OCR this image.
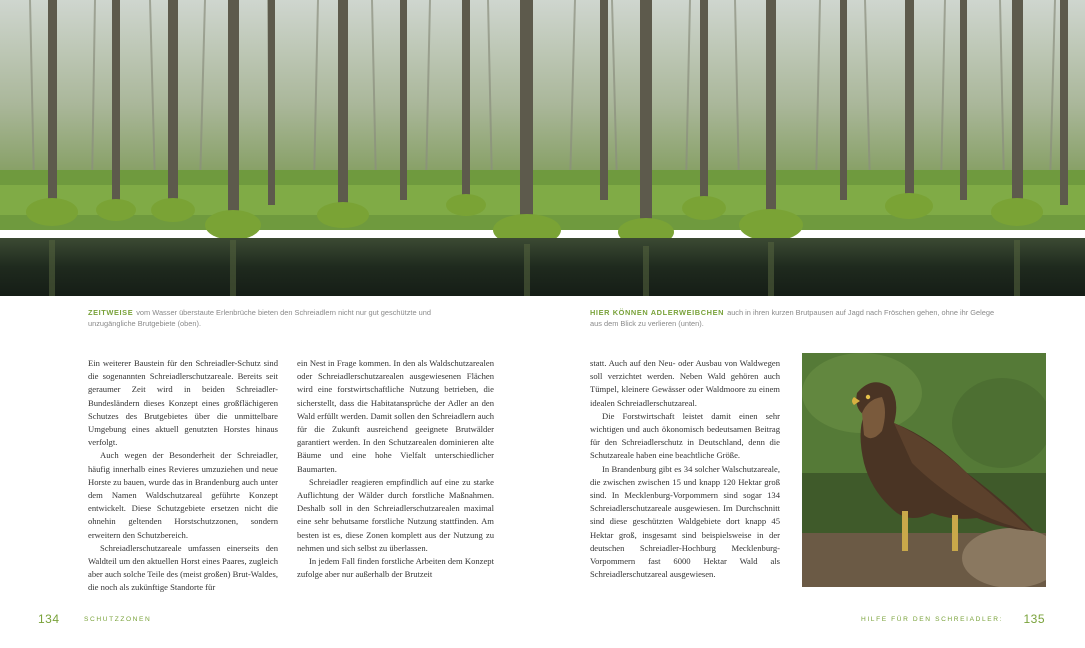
ZEITWEISE vom Wasser überstaute Erlenbrüche bieten den Schreiadlern nicht nur gut geschützte und unzugängliche Brutgebiete (oben).
HIER KÖNNEN ADLERWEIBCHEN auch in ihren kurzen Brutpausen auf Jagd nach Fröschen gehen, ohne ihr Gelege aus dem Blick zu verlieren (unten).

Ein weiterer Baustein für den Schreiadler-Schutz sind die sogenannten Schreiadlerschutzareale. Bereits seit geraumer Zeit wird in beiden Schreiadler-Bundesländern dieses Konzept eines großflächigeren Schutzes des Brutgebietes über die unmittelbare Umgebung eines aktuell genutzten Horstes hinaus verfolgt.

Auch wegen der Besonderheit der Schreiadler, häufig innerhalb eines Revieres umzuziehen und neue Horste zu bauen, wurde das in Brandenburg auch unter dem Namen Waldschutzareal geführte Konzept entwickelt. Diese Schutzgebiete ersetzen nicht die ohnehin geltenden Horstschutzzonen, sondern erweitern den Schutzbereich.

Schreiadlerschutzareale umfassen einerseits den Waldteil um den aktuellen Horst eines Paares, zugleich aber auch solche Teile des (meist großen) Brut-Waldes, die noch als zukünftige Standorte für

ein Nest in Frage kommen. In den als Waldschutzarealen oder Schreiadlerschutzarealen ausgewiesenen Flächen wird eine forstwirtschaftliche Nutzung betrieben, die sicherstellt, dass die Habitatansprüche der Adler an den Wald erfüllt werden. Damit sollen den Schreiadlern auch für die Zukunft ausreichend geeignete Brutwälder garantiert werden. In den Schutzarealen dominieren alte Bäume und eine hohe Vielfalt unterschiedlicher Baumarten.

Schreiadler reagieren empfindlich auf eine zu starke Auflichtung der Wälder durch forstliche Maßnahmen. Deshalb soll in den Schreiadlerschutzarealen maximal eine sehr behutsame forstliche Nutzung stattfinden. Am besten ist es, diese Zonen komplett aus der Nutzung zu nehmen und sich selbst zu überlassen.

In jedem Fall finden forstliche Arbeiten dem Konzept zufolge aber nur außerhalb der Brutzeit

statt. Auch auf den Neu- oder Ausbau von Waldwegen soll verzichtet werden. Neben Wald gehören auch Tümpel, kleinere Gewässer oder Waldmoore zu einem idealen Schreiadlerschutzareal.

Die Forstwirtschaft leistet damit einen sehr wichtigen und auch ökonomisch bedeutsamen Beitrag für den Schreiadlerschutz in Deutschland, denn die Schutzareale haben eine beachtliche Größe.

In Brandenburg gibt es 34 solcher Walschutzareale, die zwischen zwischen 15 und knapp 120 Hektar groß sind. In Mecklenburg-Vorpommern sind sogar 134 Schreiadlerschutzareale ausgewiesen. Im Durchschnitt sind diese geschützten Waldgebiete dort knapp 45 Hektar groß, insgesamt sind beispielsweise in der deutschen Schreiadler-Hochburg Mecklenburg-Vorpommern fast 6000 Hektar Wald als Schreiadlerschutzareal ausgewiesen.

134	SCHUTZZONEN	HILFE FÜR DEN SCHREIADLER: 135
